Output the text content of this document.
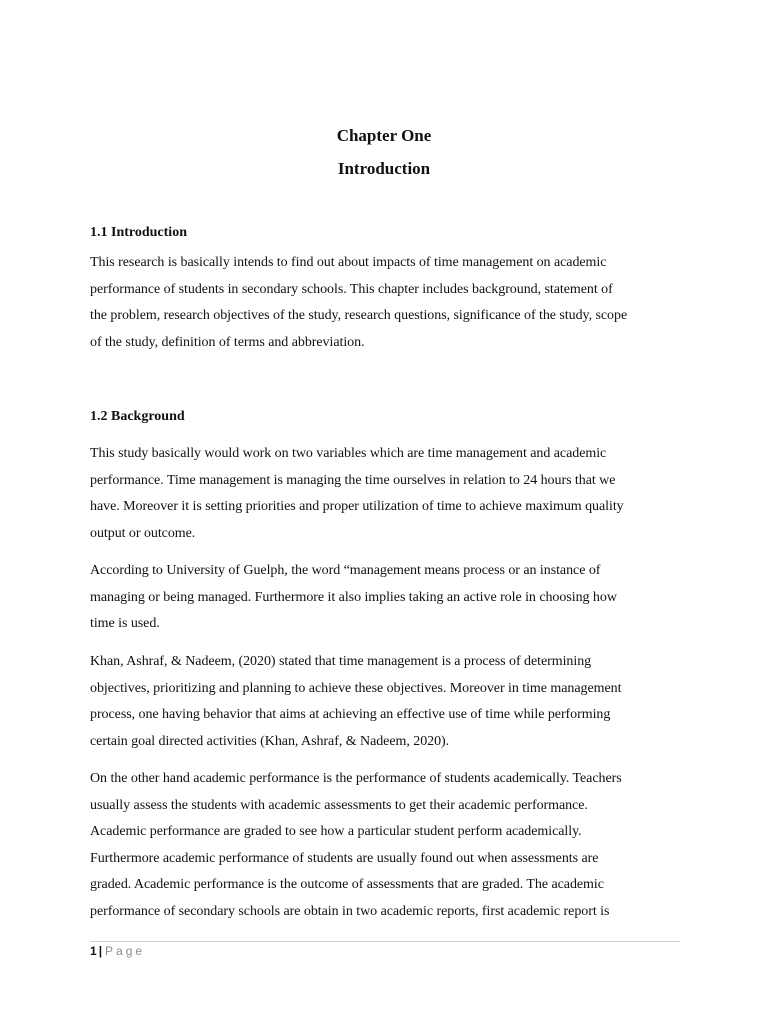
Chapter One
Introduction
1.1 Introduction

This research is basically intends to find out about impacts of time management on academic
performance of students in secondary schools. This chapter includes background, statement of
the problem, research objectives of the study, research questions, significance of the study, scope
of the study, definition of terms and abbreviation.

1.2 Background

This study basically would work on two variables which are time management and academic
performance. Time management is managing the time ourselves in relation to 24 hours that we
have. Moreover it is setting priorities and proper utilization of time to achieve maximum quality
output or outcome.

According to University of Guelph, the word “management means process or an instance of
managing or being managed. Furthermore it also implies taking an active role in choosing how
time is used.

Khan, Ashraf, & Nadeem, (2020) stated that time management is a process of determining
objectives, prioritizing and planning to achieve these objectives. Moreover in time management
process, one having behavior that aims at achieving an effective use of time while performing
certain goal directed activities (Khan, Ashraf, & Nadeem, 2020).

On the other hand academic performance is the performance of students academically. Teachers
usually assess the students with academic assessments to get their academic performance.
Academic performance are graded to see how a particular student perform academically.
Furthermore academic performance of students are usually found out when assessments are
graded. Academic performance is the outcome of assessments that are graded. The academic
performance of secondary schools are obtain in two academic reports, first academic report is

1 | Page
